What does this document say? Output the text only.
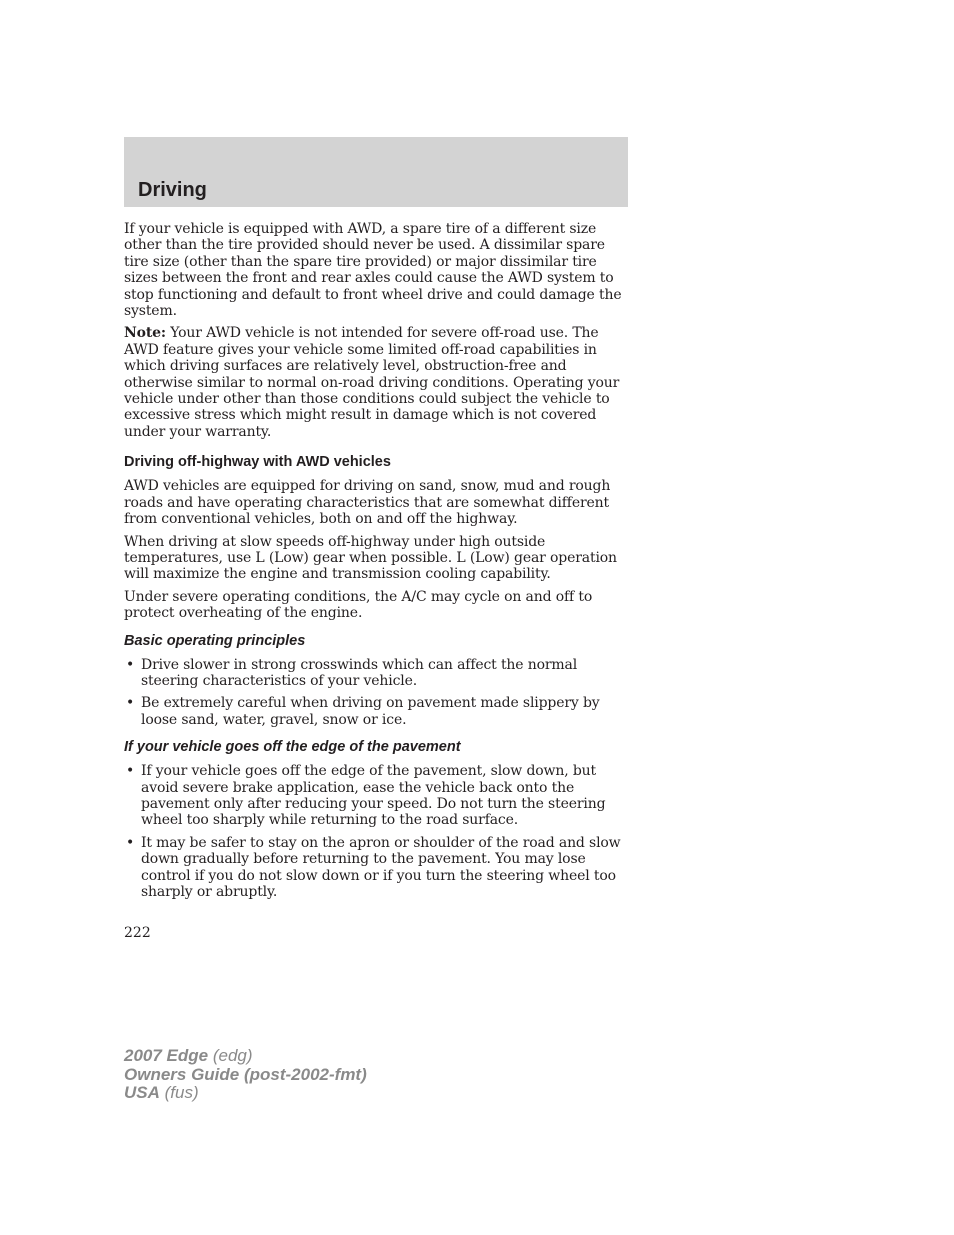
Driving

If your vehicle is equipped with AWD, a spare tire of a different size other than the tire provided should never be used. A dissimilar spare tire size (other than the spare tire provided) or major dissimilar tire sizes between the front and rear axles could cause the AWD system to stop functioning and default to front wheel drive and could damage the system.

Note: Your AWD vehicle is not intended for severe off-road use. The AWD feature gives your vehicle some limited off-road capabilities in which driving surfaces are relatively level, obstruction-free and otherwise similar to normal on-road driving conditions. Operating your vehicle under other than those conditions could subject the vehicle to excessive stress which might result in damage which is not covered under your warranty.

Driving off-highway with AWD vehicles

AWD vehicles are equipped for driving on sand, snow, mud and rough roads and have operating characteristics that are somewhat different from conventional vehicles, both on and off the highway.

When driving at slow speeds off-highway under high outside temperatures, use L (Low) gear when possible. L (Low) gear operation will maximize the engine and transmission cooling capability.

Under severe operating conditions, the A/C may cycle on and off to protect overheating of the engine.

Basic operating principles
• Drive slower in strong crosswinds which can affect the normal steering characteristics of your vehicle.
• Be extremely careful when driving on pavement made slippery by loose sand, water, gravel, snow or ice.
If your vehicle goes off the edge of the pavement
• If your vehicle goes off the edge of the pavement, slow down, but avoid severe brake application, ease the vehicle back onto the pavement only after reducing your speed. Do not turn the steering wheel too sharply while returning to the road surface.
• It may be safer to stay on the apron or shoulder of the road and slow down gradually before returning to the pavement. You may lose control if you do not slow down or if you turn the steering wheel too sharply or abruptly.
222
2007 Edge (edg)
Owners Guide (post-2002-fmt)
USA (fus)
